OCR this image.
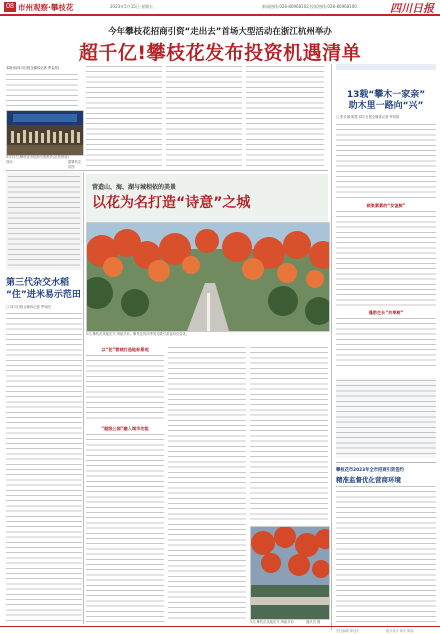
08 市州观察·攀枝花	2023年5月15日 星期五	新闻热线:028-86968102 投诉热线:028-86968100	四川日报
今年攀枝花招商引资“走出去”首场大型活动在浙江杭州举办
超千亿!攀枝花发布投资机遇清单
本报讯(四川日报全媒体记者 罗金昊)
5月11日,攀枝花市招商引资推介会(杭州站)现场	据攀枝花 供图
13载“攀木一家亲”
助木里一路向“兴”
□ 张长城 陈思 四川日报全媒体记者 罗向阳
硕果累累的“友谊树”
蓬勃生长“共享树”
攀枝花市2023年全市招商引资签约
精准监督优化营商环境
营造山、海、湖与城相依的美景
以花为名打造“诗意”之城
5月,攀枝花凤凰花开,绚丽多彩。攀枝花的四季风光吸引游客纷至沓来。
以“花”营城打造地标景观
“超级公园”融入城市功能
5月,攀枝花凤凰花开,绚丽多彩	通讯员 摄
第三代杂交水稻
“住”进米易示范田
□ 四川日报全媒体记者 罗向阳
责任编辑 廖延庆	版式设计 林东 陈瑞
